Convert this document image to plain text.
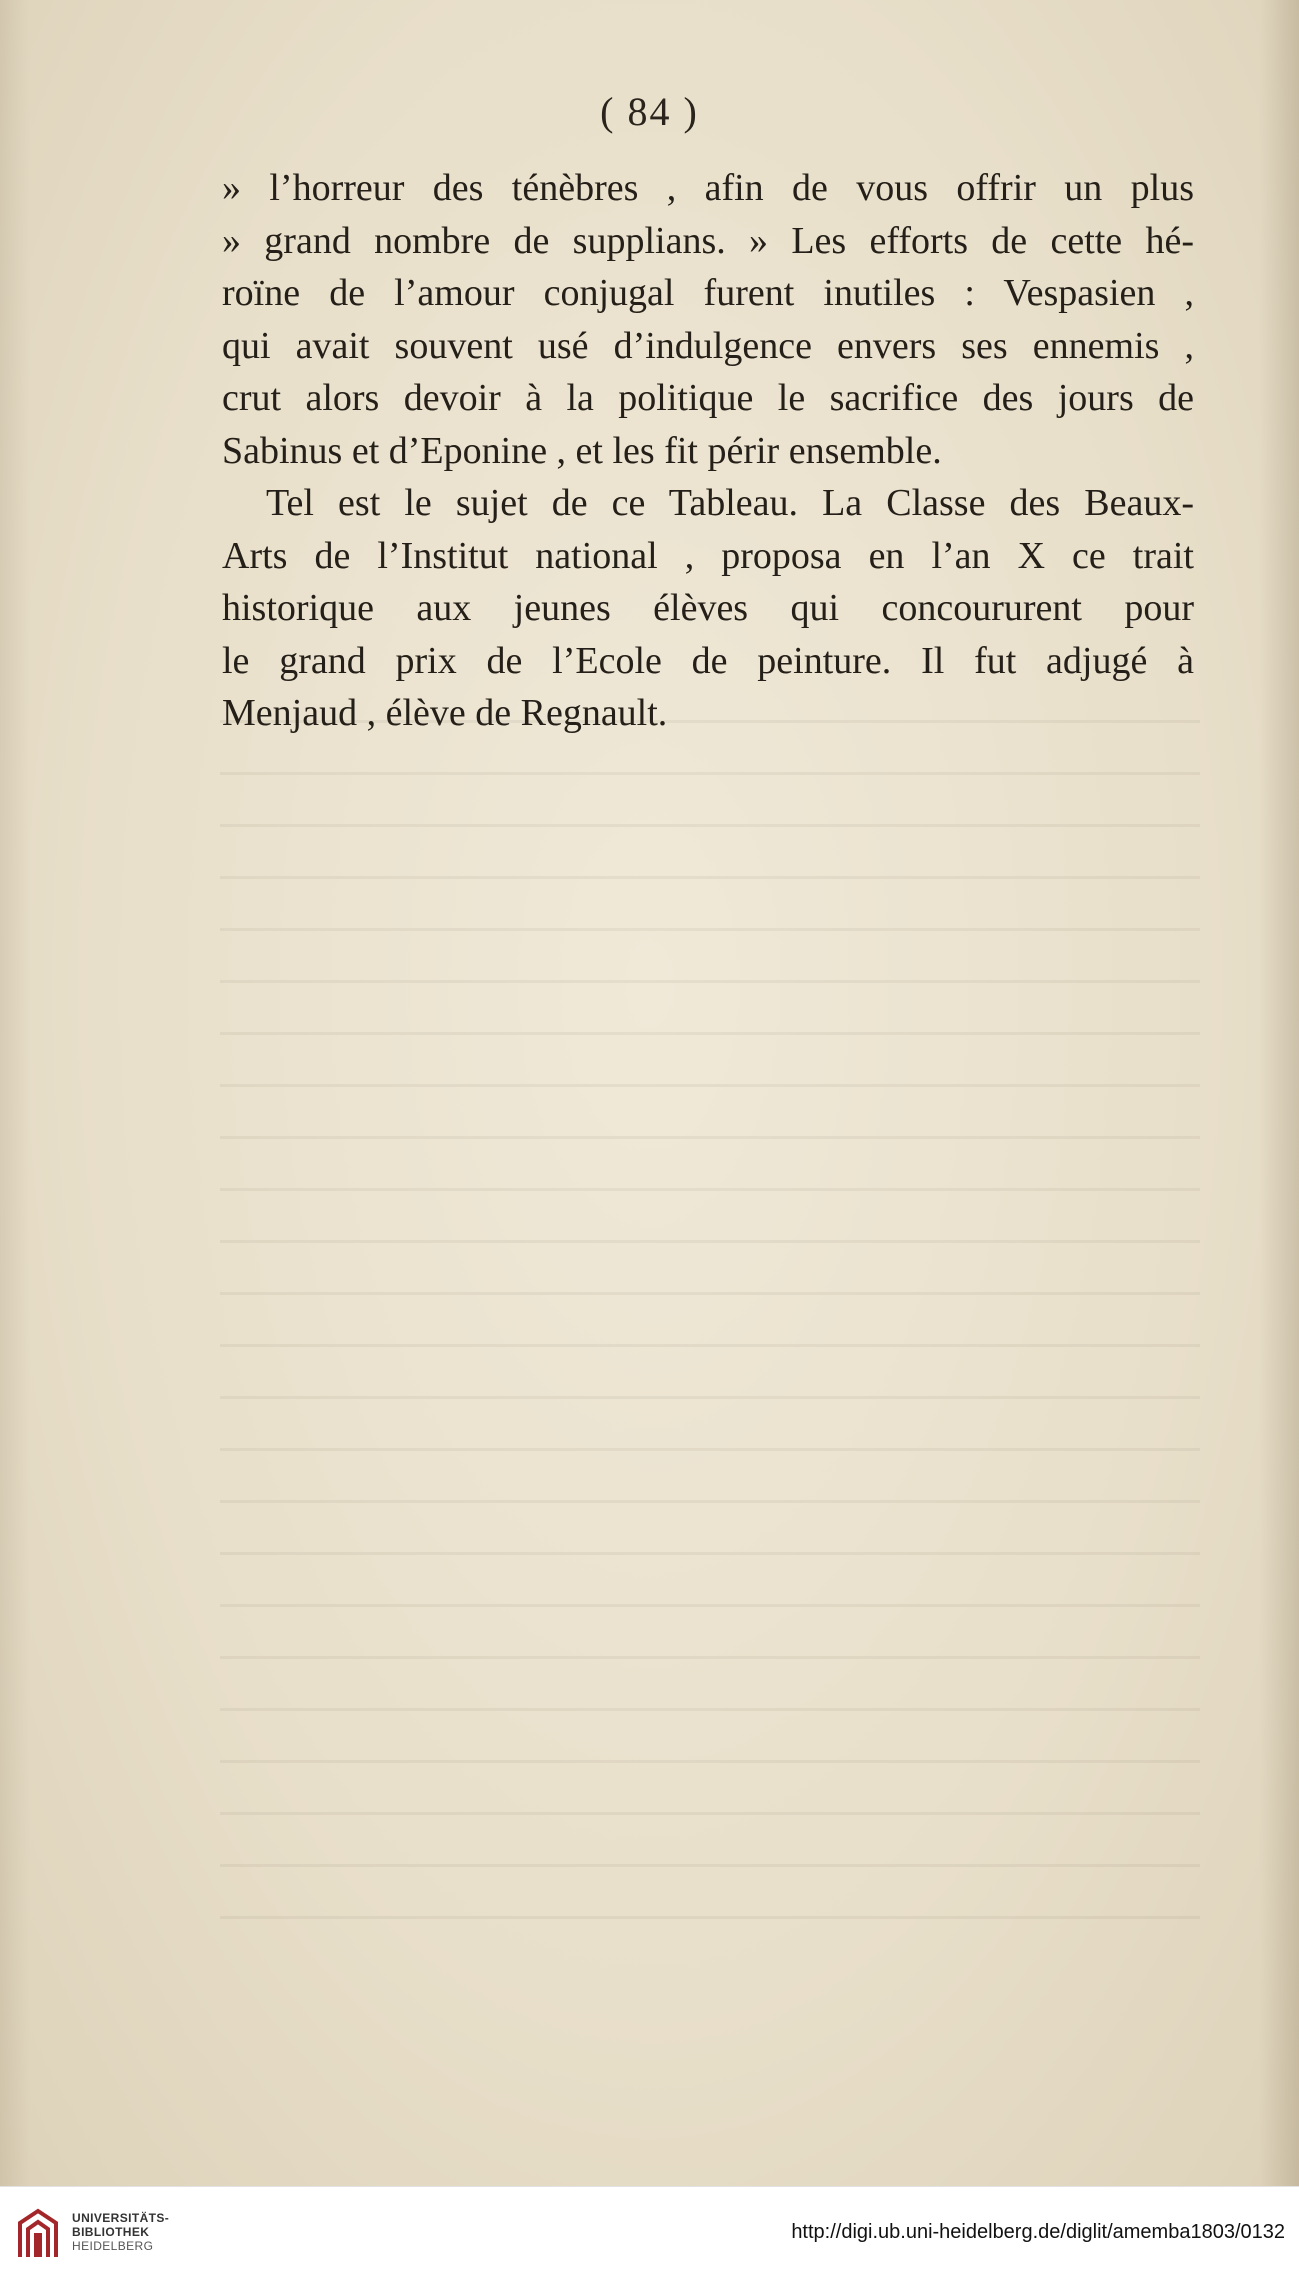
( 84 )
» l’horreur des ténèbres , afin de vous offrir un plus
» grand nombre de supplians. » Les efforts de cette hé-
roïne de l’amour conjugal furent inutiles : Vespasien ,
qui avait souvent usé d’indulgence envers ses ennemis ,
crut alors devoir à la politique le sacrifice des jours de
Sabinus et d’Eponine , et les fit périr ensemble.
Tel est le sujet de ce Tableau. La Classe des Beaux-
Arts de l’Institut national , proposa en l’an X ce trait
historique aux jeunes élèves qui concoururent pour
le grand prix de l’Ecole de peinture. Il fut adjugé à
Menjaud , élève de Regnault.
UNIVERSITÄTS-
BIBLIOTHEK
HEIDELBERG
http://digi.ub.uni-heidelberg.de/diglit/amemba1803/0132
